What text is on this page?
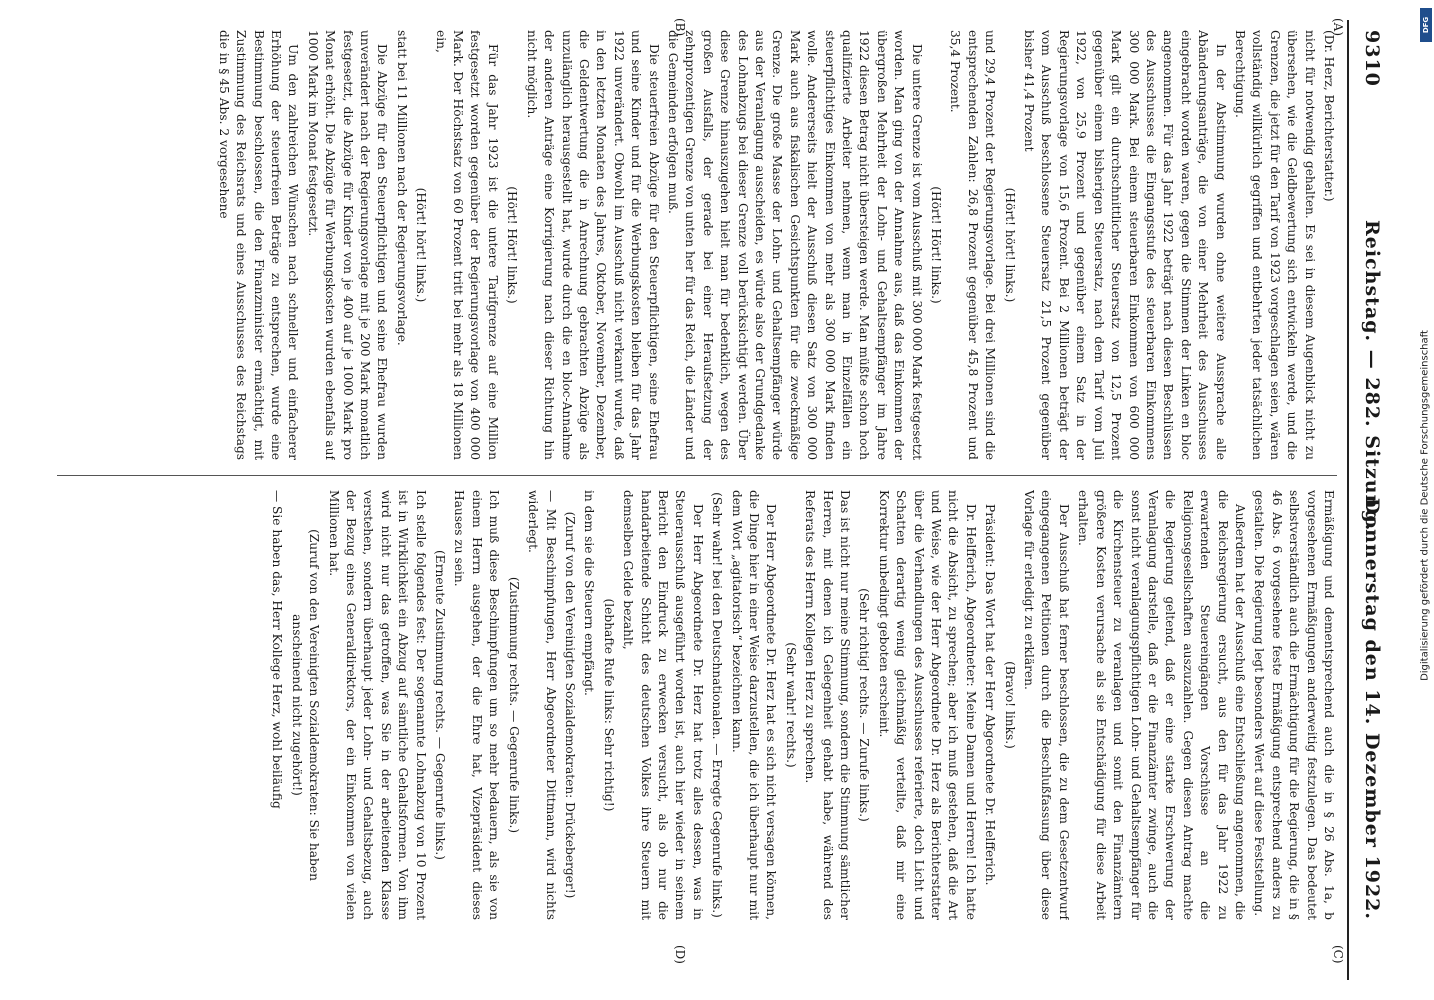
9310
Reichstag. — 282. Sitzung.
Donnerstag den 14. Dezember 1922.
(A)
(B)
(C)
(D)

(Dr. Herz, Berichterstatter.)

nicht für notwendig gehalten. Es sei in diesem Augenblick nicht zu übersehen, wie die Geldbewertung sich entwickeln werde, und die Grenzen, die jetzt für den Tarif von 1923 vorgeschlagen seien, wären vollständig willkürlich gegriffen und entbehrten jeder tatsächlichen Berechtigung.

In der Abstimmung wurden ohne weitere Aussprache alle Abänderungsanträge, die von einer Mehrheit des Ausschusses eingebracht worden waren, gegen die Stimmen der Linken en bloc angenommen. Für das Jahr 1922 beträgt nach diesen Beschlüssen des Ausschusses die Eingangsstufe des steuerbaren Einkommens 300 000 Mark. Bei einem steuerbaren Einkommen von 600 000 Mark gilt ein durchschnittlicher Steuersatz von 12,5 Prozent gegenüber einem bisherigen Steuersatz, nach dem Tarif vom Juli 1922, von 25,9 Prozent und gegenüber einem Satz in der Regierungsvorlage von 15,6 Prozent. Bei 2 Millionen beträgt der vom Ausschuß beschlossene Steuersatz 21,5 Prozent gegenüber bisher 41,4 Prozent

(Hört! hört! links.)

und 29,4 Prozent der Regierungsvorlage. Bei drei Millionen sind die entsprechenden Zahlen: 26,8 Prozent gegenüber 45,8 Prozent und 35,4 Prozent.

(Hört! Hört! links.)

Die untere Grenze ist vom Ausschuß mit 300 000 Mark festgesetzt worden. Man ging von der Annahme aus, daß das Einkommen der übergroßen Mehrheit der Lohn- und Gehaltsempfänger im Jahre 1922 diesen Betrag nicht übersteigen werde. Man müßte schon hoch qualifizierte Arbeiter nehmen, wenn man in Einzelfällen ein steuerpflichtiges Einkommen von mehr als 300 000 Mark finden wolle. Andererseits hielt der Ausschuß diesen Satz von 300 000 Mark auch aus fiskalischen Gesichtspunkten für die zweckmäßige Grenze. Die große Masse der Lohn- und Gehaltsempfänger würde aus der Veranlagung ausscheiden, es würde also der Grundgedanke des Lohnabzugs bei dieser Grenze voll berücksichtigt werden. Über diese Grenze hinauszugehen hielt man für bedenklich, wegen des großen Ausfalls, der gerade bei einer Heraufsetzung der zehnprozentigen Grenze von unten her für das Reich, die Länder und die Gemeinden erfolgen muß.

Die steuerfreien Abzüge für den Steuerpflichtigen, seine Ehefrau und seine Kinder und für die Werbungskosten bleiben für das Jahr 1922 unverändert. Obwohl im Ausschuß nicht verkannt wurde, daß in den letzten Monaten des Jahres, Oktober, November, Dezember, die Geldentwertung die in Anrechnung gebrachten Abzüge als unzulänglich herausgestellt hat, wurde durch die en bloc-Annahme der anderen Anträge eine Korrigierung nach dieser Richtung hin nicht möglich.

(Hört! Hört! links.)

Für das Jahr 1923 ist die untere Tarifgrenze auf eine Million festgesetzt worden gegenüber der Regierungsvorlage von 400 000 Mark. Der Höchstsatz von 60 Prozent tritt bei mehr als 18 Millionen ein,

(Hört! hört! links.)

statt bei 11 Millionen nach der Regierungsvorlage.

Die Abzüge für den Steuerpflichtigen und seine Ehefrau wurden unverändert nach der Regierungsvorlage mit je 200 Mark monatlich festgesetzt, die Abzüge für Kinder von je 400 auf je 1000 Mark pro Monat erhöht. Die Abzüge für Werbungskosten wurden ebenfalls auf 1000 Mark im Monat festgesetzt.

Um den zahlreichen Wünschen nach schneller und einfacherer Erhöhung der steuerfreien Beträge zu entsprechen, wurde eine Bestimmung beschlossen, die den Finanzminister ermächtigt, mit Zustimmung des Reichsrats und eines Ausschusses des Reichstags die in § 45 Abs. 2 vorgesehene

Ermäßigung und dementsprechend auch die in § 26 Abs. 1a, b vorgesehenen Ermäßigungen anderweitig festzulegen. Das bedeutet selbstverständlich auch die Ermächtigung für die Regierung, die in § 46 Abs. 6 vorgesehene feste Ermäßigung entsprechend anders zu gestalten. Die Regierung legt besonders Wert auf diese Feststellung.

Außerdem hat der Ausschuß eine Entschließung angenommen, die die Reichsregierung ersucht, aus den für das Jahr 1922 zu erwartenden Steuereingängen Vorschüsse an die Religionsgesellschaften auszuzahlen. Gegen diesen Antrag machte die Regierung geltend, daß er eine starke Erschwerung der Veranlagung darstelle, daß er die Finanzämter zwinge, auch die sonst nicht veranlagungspflichtigen Lohn- und Gehaltsempfänger für die Kirchensteuer zu veranlagen und somit den Finanzämtern größere Kosten verursache als sie Entschädigung für diese Arbeit erhalten.

Der Ausschuß hat ferner beschlossen, die zu dem Gesetzentwurf eingegangenen Petitionen durch die Beschlußfassung über diese Vorlage für erledigt zu erklären.

(Bravo! links.)

Präsident: Das Wort hat der Herr Abgeordnete Dr. Helfferich.

Dr. Helfferich, Abgeordneter: Meine Damen und Herren! Ich hatte nicht die Absicht, zu sprechen; aber ich muß gestehen, daß die Art und Weise, wie der Herr Abgeordnete Dr. Herz als Berichterstatter über die Verhandlungen des Ausschusses referierte, doch Licht und Schatten derartig wenig gleichmäßig verteilte, daß mir eine Korrektur unbedingt geboten erscheint.

(Sehr richtig! rechts. — Zurufe links.)

Das ist nicht nur meine Stimmung, sondern die Stimmung sämtlicher Herren, mit denen ich Gelegenheit gehabt habe, während des Referats des Herrn Kollegen Herz zu sprechen.

(Sehr wahr! rechts.)

Der Herr Abgeordnete Dr. Herz hat es sich nicht versagen können, die Dinge hier in einer Weise darzustellen, die ich überhaupt nur mit dem Wort „agitatorisch“ bezeichnen kann.

(Sehr wahr! bei den Deutschnationalen. — Erregte Gegenrufe links.)

Der Herr Abgeordnete Dr. Herz hat trotz alles dessen, was in Steuerausschuß ausgeführt worden ist, auch hier wieder in seinem Bericht den Eindruck zu erwecken versucht, als ob nur die handarbeitende Schicht des deutschen Volkes ihre Steuern mit demselben Gelde bezahlt,

(lebhafte Rufe links: Sehr richtig!)

in dem sie die Steuern empfängt.

(Zuruf von den Vereinigten Sozialdemokraten: Drückeberger!)

— Mit Beschimpfungen, Herr Abgeordneter Dittmann, wird nichts widerlegt.

(Zustimmung rechts. — Gegenrufe links.)

Ich muß diese Beschimpfungen um so mehr bedauern, als sie von einem Herrn ausgehen, der die Ehre hat, Vizepräsident dieses Hauses zu sein.

(Erneute Zustimmung rechts. — Gegenrufe links.)

Ich stelle folgendes fest: Der sogenannte Lohnabzug von 10 Prozent ist in Wirklichkeit ein Abzug auf sämtliche Gehaltsformen. Von ihm wird nicht nur das getroffen, was Sie in der arbeitenden Klasse verstehen, sondern überhaupt jeder Lohn- und Gehaltsbezug, auch der Bezug eines Generaldirektors, der ein Einkommen von vielen Millionen hat.

(Zuruf von den Vereinigten Sozialdemokraten: Sie haben anscheinend nicht zugehört!)

— Sie haben das, Herr Kollege Herz, wohl beiläufig	Digitalisierung gefördert durch die Deutsche Forschungsgemeinschaft
DFG
